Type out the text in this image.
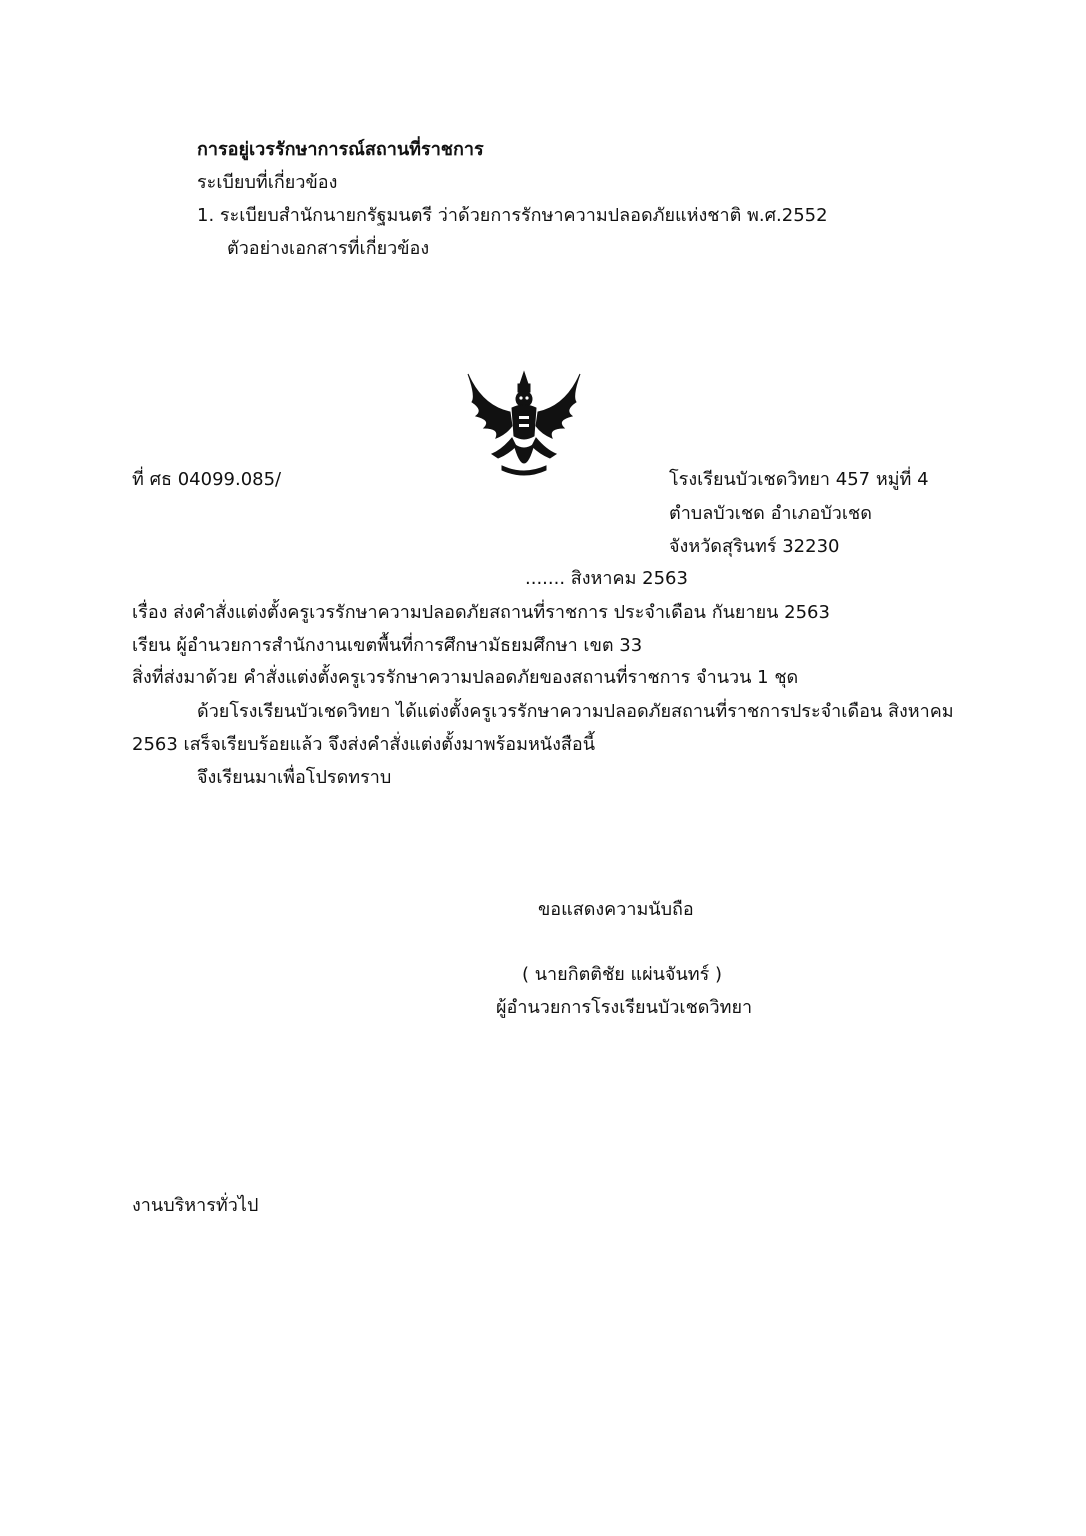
การอยู่เวรรักษาการณ์สถานที่ราชการ
ระเบียบที่เกี่ยวข้อง
1. ระเบียบสำนักนายกรัฐมนตรี ว่าด้วยการรักษาความปลอดภัยแห่งชาติ พ.ศ.2552
ตัวอย่างเอกสารที่เกี่ยวข้อง
ที่ ศธ 04099.085/	โรงเรียนบัวเชดวิทยา 457 หมู่ที่ 4
ตำบลบัวเชด อำเภอบัวเชด
จังหวัดสุรินทร์ 32230
....... สิงหาคม 2563
เรื่อง ส่งคำสั่งแต่งตั้งครูเวรรักษาความปลอดภัยสถานที่ราชการ ประจำเดือน กันยายน 2563
เรียน ผู้อำนวยการสำนักงานเขตพื้นที่การศึกษามัธยมศึกษา เขต 33
สิ่งที่ส่งมาด้วย คำสั่งแต่งตั้งครูเวรรักษาความปลอดภัยของสถานที่ราชการ จำนวน 1 ชุด
ด้วยโรงเรียนบัวเชดวิทยา ได้แต่งตั้งครูเวรรักษาความปลอดภัยสถานที่ราชการประจำเดือน สิงหาคม
2563 เสร็จเรียบร้อยแล้ว จึงส่งคำสั่งแต่งตั้งมาพร้อมหนังสือนี้
จึงเรียนมาเพื่อโปรดทราบ
ขอแสดงความนับถือ
( นายกิตติชัย แผ่นจันทร์ )
ผู้อำนวยการโรงเรียนบัวเชดวิทยา
งานบริหารทั่วไป
